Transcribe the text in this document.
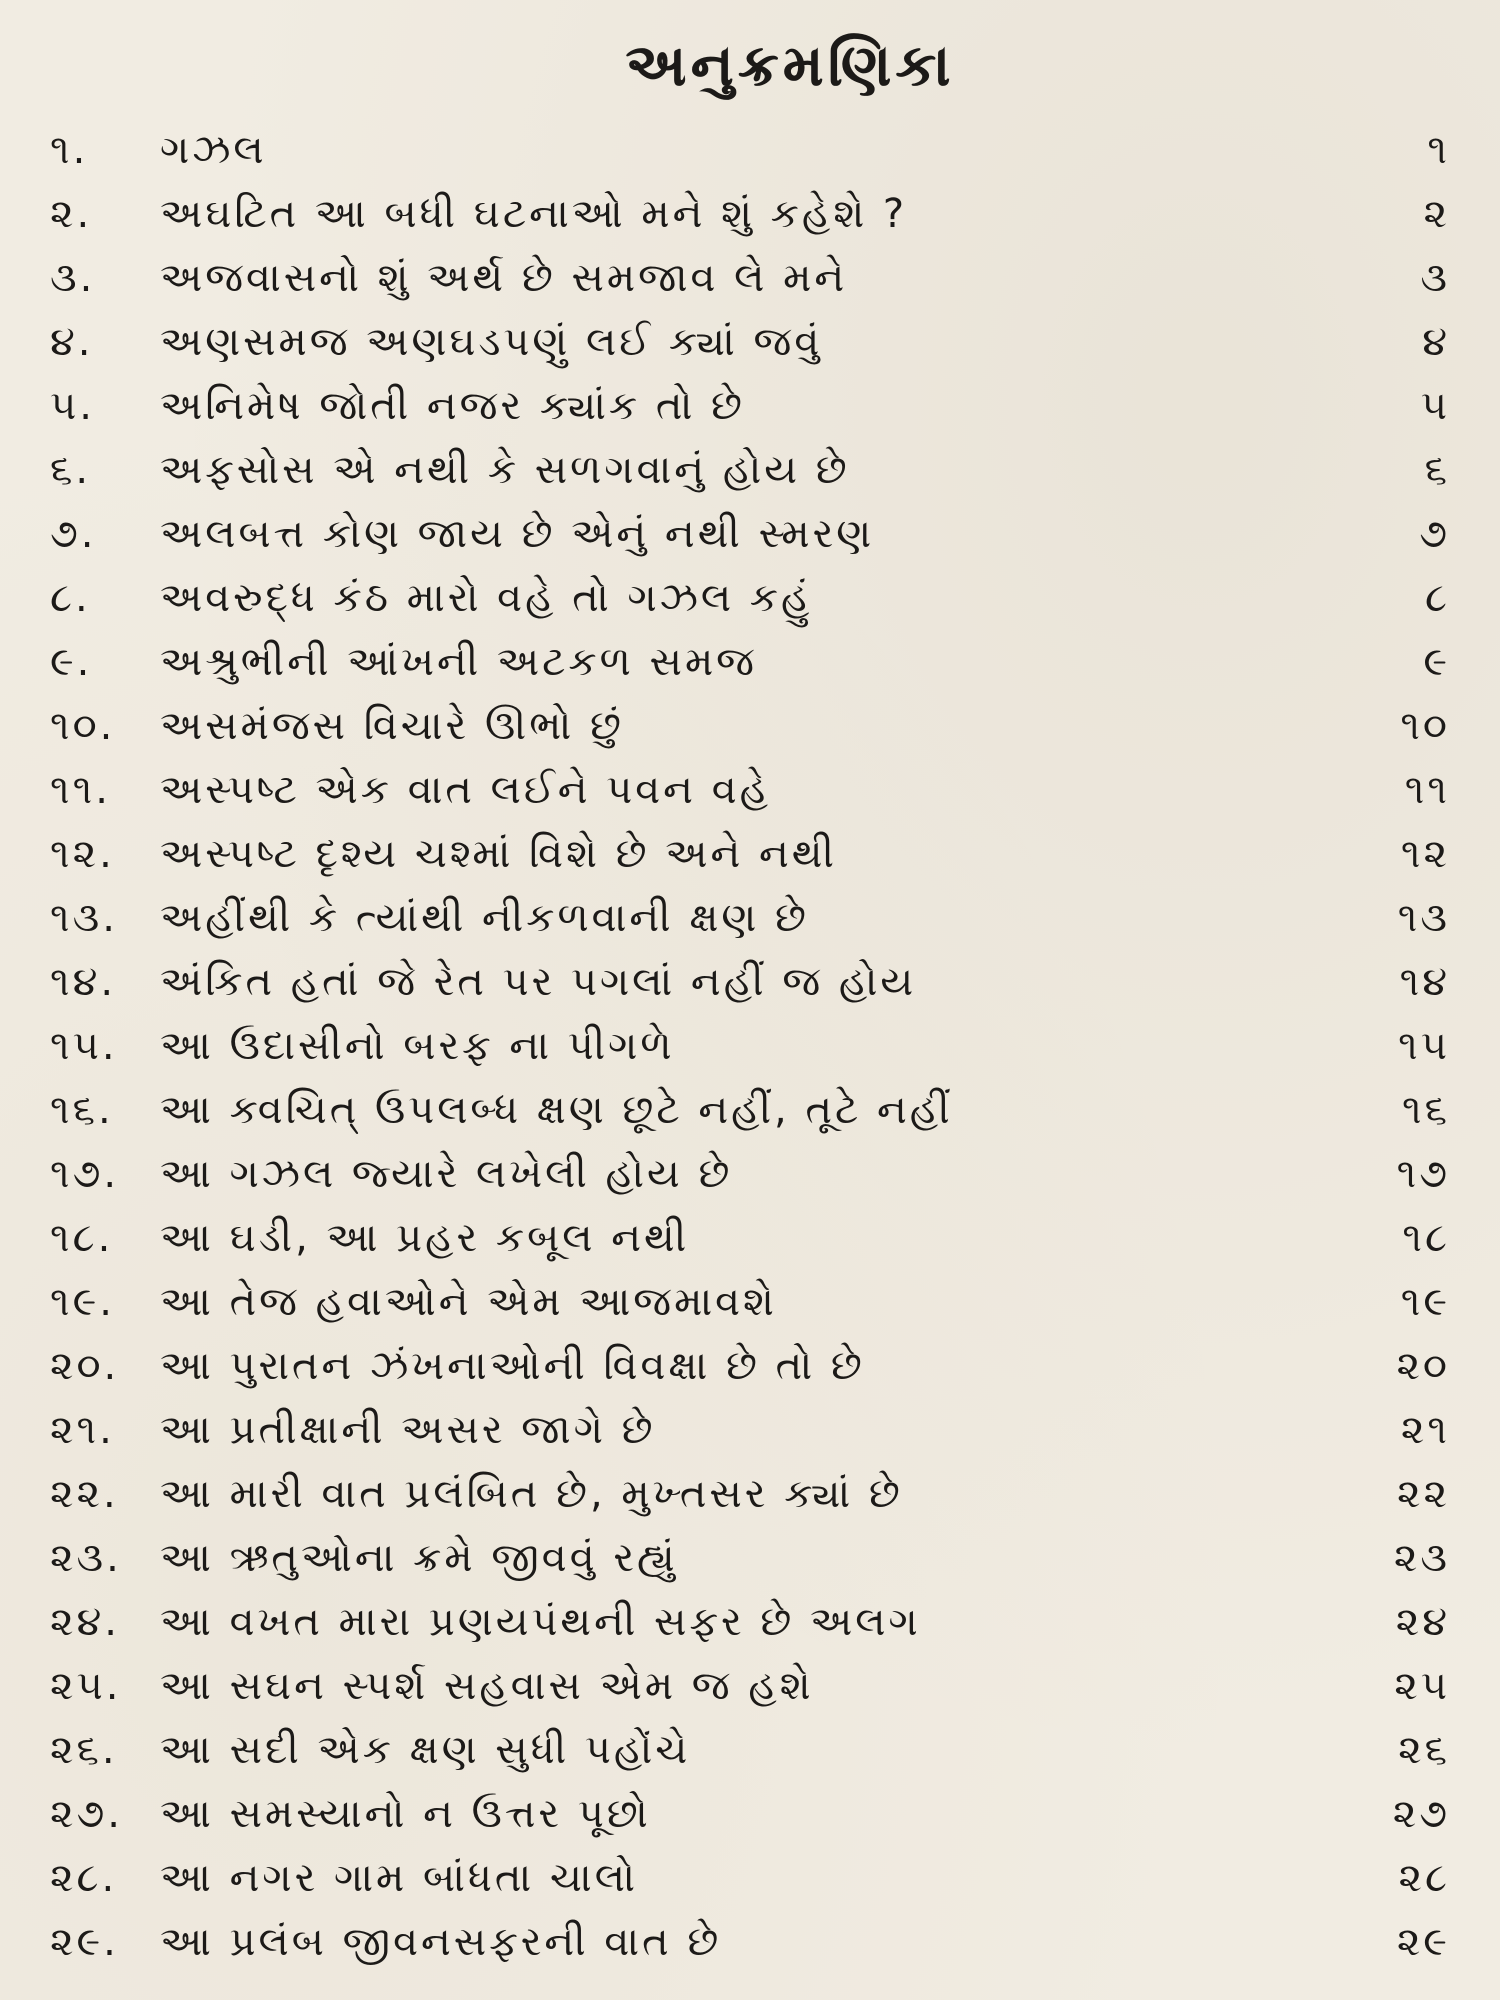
અનુક્રમણિકા
૧.	ગઝલ	૧
૨.	અઘટિત આ બધી ઘટનાઓ મને શું કહેશે ?	૨
૩.	અજવાસનો શું અર્થ છે સમજાવ લે મને	૩
૪.	અણસમજ અણઘડપણું લઈ ક્યાં જવું	૪
૫.	અનિમેષ જોતી નજર ક્યાંક તો છે	૫
૬.	અફસોસ એ નથી કે સળગવાનું હોય છે	૬
૭.	અલબત્ત કોણ જાય છે એનું નથી સ્મરણ	૭
૮.	અવરુદ્ધ કંઠ મારો વહે તો ગઝલ કહું	૮
૯.	અશ્રુભીની આંખની અટકળ સમજ	૯
૧૦.	અસમંજસ વિચારે ઊભો છું	૧૦
૧૧.	અસ્પષ્ટ એક વાત લઈને પવન વહે	૧૧
૧૨.	અસ્પષ્ટ દૃશ્ય ચશ્માં વિશે છે અને નથી	૧૨
૧૩.	અહીંથી કે ત્યાંથી નીકળવાની ક્ષણ છે	૧૩
૧૪.	અંકિત હતાં જે રેત પર પગલાં નહીં જ હોય	૧૪
૧૫.	આ ઉદાસીનો બરફ ના પીગળે	૧૫
૧૬.	આ ક્વચિત્ ઉપલબ્ધ ક્ષણ છૂટે નહીં, તૂટે નહીં	૧૬
૧૭.	આ ગઝલ જ્યારે લખેલી હોય છે	૧૭
૧૮.	આ ઘડી, આ પ્રહર કબૂલ નથી	૧૮
૧૯.	આ તેજ હવાઓને એમ આજમાવશે	૧૯
૨૦.	આ પુરાતન ઝંખનાઓની વિવક્ષા છે તો છે	૨૦
૨૧.	આ પ્રતીક્ષાની અસર જાગે છે	૨૧
૨૨.	આ મારી વાત પ્રલંબિત છે, મુખ્તસર ક્યાં છે	૨૨
૨૩. આ ઋતુઓના ક્રમે જીવવું રહ્યું	૨૩
૨૪.	આ વખત મારા પ્રણયપંથની સફર છે અલગ	૨૪
૨૫. આ સઘન સ્પર્શ સહવાસ એમ જ હશે	૨૫
૨૬.	આ સદી એક ક્ષણ સુધી પહોંચે	૨૬
૨૭. આ સમસ્યાનો ન ઉત્તર પૂછો	૨૭
૨૮.	આ નગર ગામ બાંધતા ચાલો	૨૮
૨૯.	આ પ્રલંબ જીવનસફરની વાત છે	૨૯
